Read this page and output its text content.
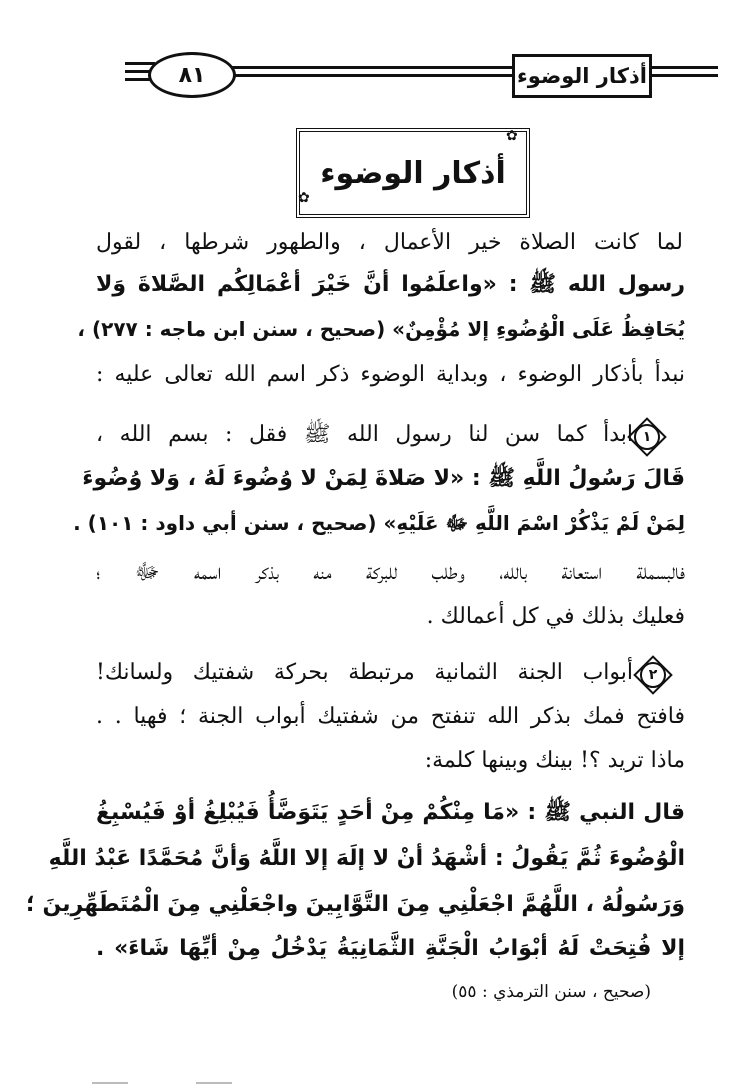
٨١	أذكار الوضوء
أذكار الوضوء
✿
✿
لما كانت الصلاة خير الأعمال ، والطهور شرطها ، لقول
رسول الله ﷺ : «واعلَمُوا أنَّ خَيْرَ أعْمَالِكُم الصَّلاةَ وَلا
يُحَافِظُ عَلَى الْوُضُوءِ إلا مُؤْمِنٌ» (صحيح ، سنن ابن ماجه : ٢٧٧) ،
نبدأ بأذكار الوضوء ، وبداية الوضوء ذكر اسم الله تعالى عليه :
١
ابدأ كما سن لنا رسول الله ﷺ فقل : بسم الله ،
قَالَ رَسُولُ اللَّهِ ﷺ : «لا صَلاةَ لِمَنْ لا وُضُوءَ لَهُ ، وَلا وُضُوءَ
لِمَنْ لَمْ يَذْكُرْ اسْمَ اللَّهِ ﷻ عَلَيْهِ» (صحيح ، سنن أبي داود : ١٠١) .
فالبسملة استعانة بالله، وطلب للبركة منه بذكر اسمه ﷻ ؛
فعليك بذلك في كل أعمالك .
٢
أبواب الجنة الثمانية مرتبطة بحركة شفتيك ولسانك!
فافتح فمك بذكر الله تنفتح من شفتيك أبواب الجنة ؛ فهيا . .
ماذا تريد ؟! بينك وبينها كلمة:
قال النبي ﷺ : «مَا مِنْكُمْ مِنْ أحَدٍ يَتَوَضَّأُ فَيُبْلِغُ أوْ فَيُسْبِغُ
الْوُضُوءَ ثُمَّ يَقُولُ : أشْهَدُ أنْ لا إلَهَ إلا اللَّهُ وَأنَّ مُحَمَّدًا عَبْدُ اللَّهِ
وَرَسُولُهُ ، اللَّهُمَّ اجْعَلْنِي مِنَ التَّوَّابِينَ واجْعَلْنِي مِنَ الْمُتَطَهِّرِينَ ؛
إلا فُتِحَتْ لَهُ أبْوَابُ الْجَنَّةِ الثَّمَانِيَةُ يَدْخُلُ مِنْ أيِّهَا شَاءَ» .
(صحيح ، سنن الترمذي : ٥٥)
